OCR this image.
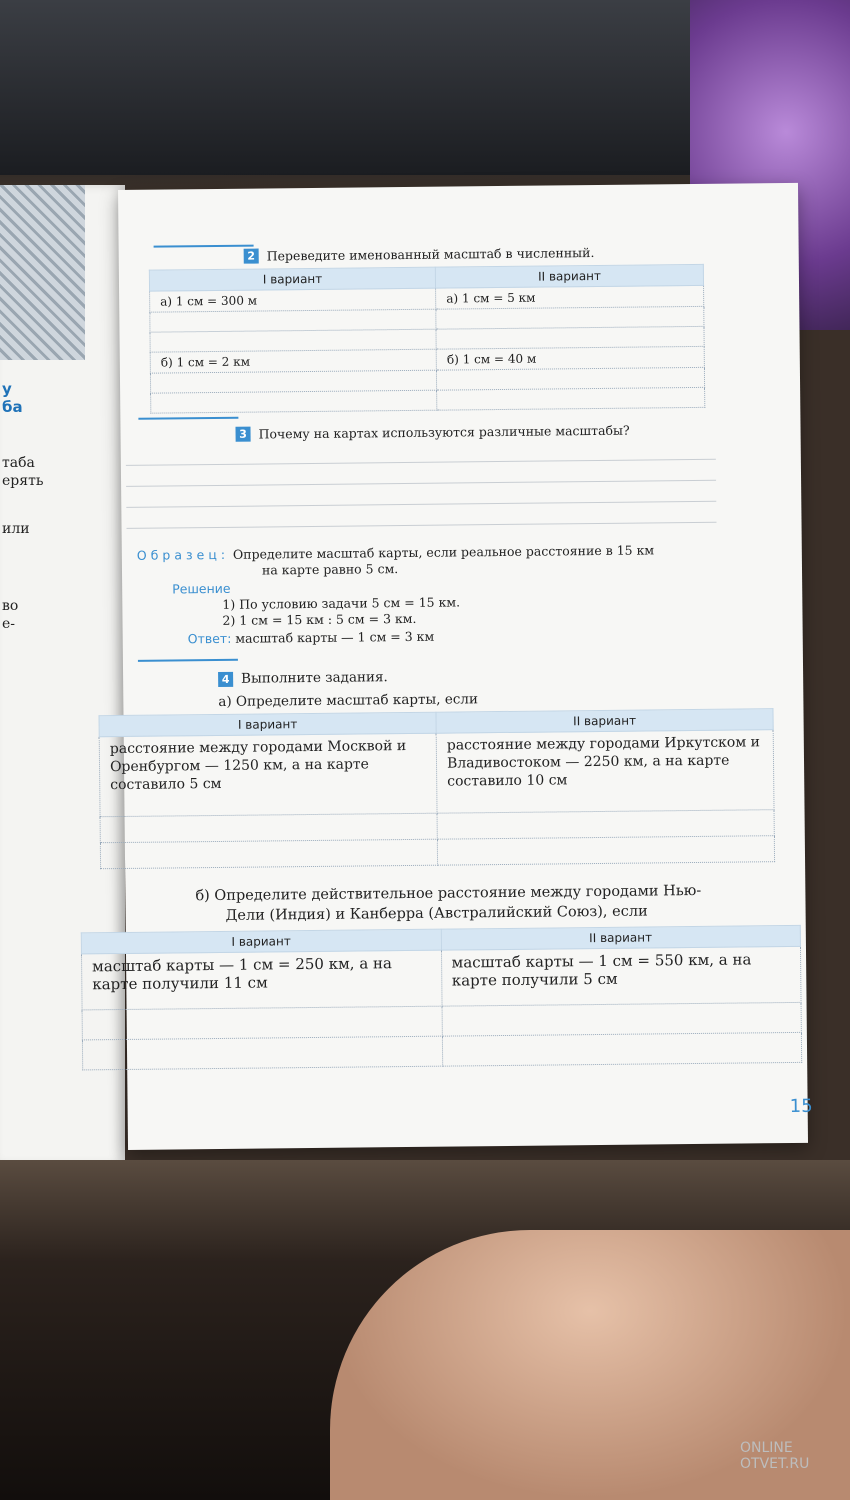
у
ба
тaба
ерять
или
во
е-
2 Переведите именованный масштаб в численный.
I вариант	II вариант
а) 1 см = 300 м	а) 1 см = 5 км

б) 1 см = 2 км	б) 1 см = 40 м

3 Почему на картах используются различные масштабы?
Образец: Определите масштаб карты, если реальное расстояние в 15 км
на карте равно 5 см.
Решение
1) По условию задачи 5 см = 15 км.
2) 1 см = 15 км : 5 см = 3 км.
Ответ: масштаб карты — 1 см = 3 км
4 Выполните задания.
а) Определите масштаб карты, если
I вариант	II вариант
расстояние между городами Москвой и Оренбургом — 1250 км, а на карте составило 5 см	расстояние между городами Иркутском и Владивостоком — 2250 км, а на карте составило 10 см

б) Определите действительное расстояние между городами Нью-
Дели (Индия) и Канберра (Австралийский Союз), если
I вариант	II вариант
масштаб карты — 1 см = 250 км, а на карте получили 11 см	масштаб карты — 1 см = 550 км, а на карте получили 5 см

15
ONLINE
OTVET.RU
